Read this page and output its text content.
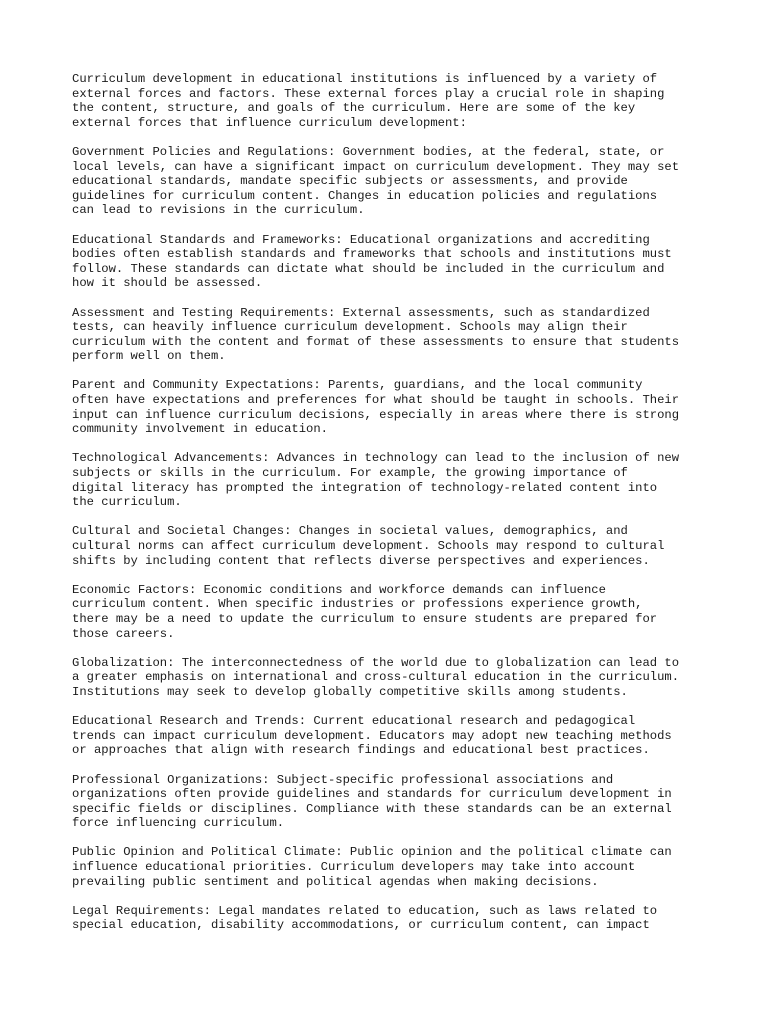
Curriculum development in educational institutions is influenced by a variety of
external forces and factors. These external forces play a crucial role in shaping
the content, structure, and goals of the curriculum. Here are some of the key
external forces that influence curriculum development:

Government Policies and Regulations: Government bodies, at the federal, state, or
local levels, can have a significant impact on curriculum development. They may set
educational standards, mandate specific subjects or assessments, and provide
guidelines for curriculum content. Changes in education policies and regulations
can lead to revisions in the curriculum.

Educational Standards and Frameworks: Educational organizations and accrediting
bodies often establish standards and frameworks that schools and institutions must
follow. These standards can dictate what should be included in the curriculum and
how it should be assessed.

Assessment and Testing Requirements: External assessments, such as standardized
tests, can heavily influence curriculum development. Schools may align their
curriculum with the content and format of these assessments to ensure that students
perform well on them.

Parent and Community Expectations: Parents, guardians, and the local community
often have expectations and preferences for what should be taught in schools. Their
input can influence curriculum decisions, especially in areas where there is strong
community involvement in education.

Technological Advancements: Advances in technology can lead to the inclusion of new
subjects or skills in the curriculum. For example, the growing importance of
digital literacy has prompted the integration of technology-related content into
the curriculum.

Cultural and Societal Changes: Changes in societal values, demographics, and
cultural norms can affect curriculum development. Schools may respond to cultural
shifts by including content that reflects diverse perspectives and experiences.

Economic Factors: Economic conditions and workforce demands can influence
curriculum content. When specific industries or professions experience growth,
there may be a need to update the curriculum to ensure students are prepared for
those careers.

Globalization: The interconnectedness of the world due to globalization can lead to
a greater emphasis on international and cross-cultural education in the curriculum.
Institutions may seek to develop globally competitive skills among students.

Educational Research and Trends: Current educational research and pedagogical
trends can impact curriculum development. Educators may adopt new teaching methods
or approaches that align with research findings and educational best practices.

Professional Organizations: Subject-specific professional associations and
organizations often provide guidelines and standards for curriculum development in
specific fields or disciplines. Compliance with these standards can be an external
force influencing curriculum.

Public Opinion and Political Climate: Public opinion and the political climate can
influence educational priorities. Curriculum developers may take into account
prevailing public sentiment and political agendas when making decisions.

Legal Requirements: Legal mandates related to education, such as laws related to
special education, disability accommodations, or curriculum content, can impact
